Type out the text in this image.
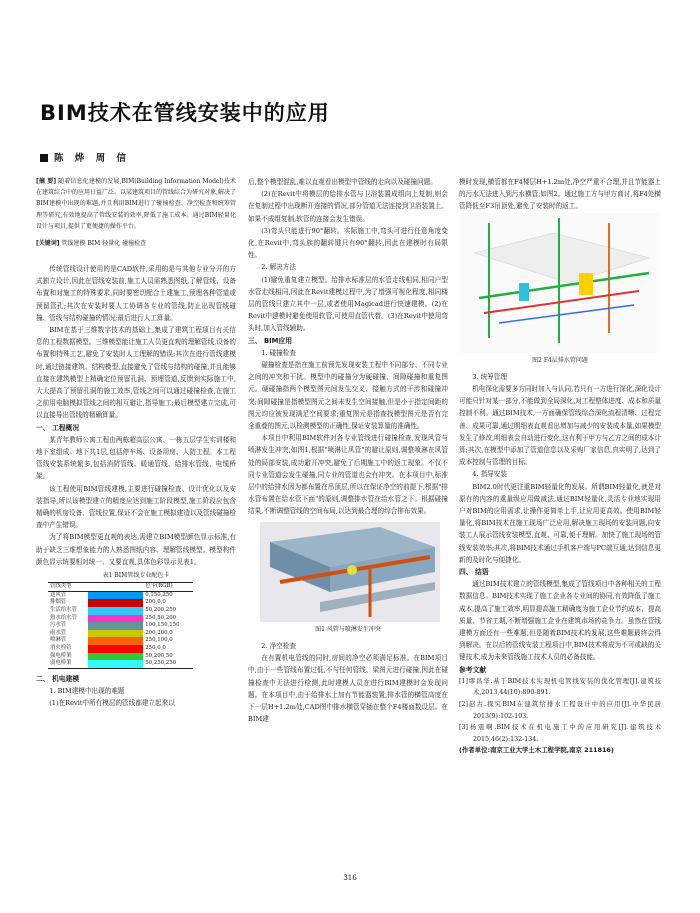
BIM技术在管线安装中的应用
陈 烨 周 信

[摘 要] 随着信息化建模的发展,BIM(Building Information Model)技术在建筑综合中的应用日益广泛。以某建筑项目的管线综合为研究对象,解决了BIM建模中出现的难题,并且利用BIM进行了碰撞检查、净空检查和统筹管理等研究,有效地提高了管线安装的效率,降低了施工成本。通过BIM轻量化设计与项目,提供了更便捷的操作平台。

[关键词] 管线建模 BIM 轻量化 碰撞检查

传统管线设计使用的是CAD软件,采用的是与其他专业分开的方式独立设计,因此在管线安装前,施工人员需熟悉图纸,了解管线、设备布置和对施工的特殊要求,同时要密切配合土建施工,预埋各种管道或预留管孔;其次在安装时要人工协调各专业的管线,防止出现管线碰撞、管线与结构碰撞的情况;最后进行人工算量。

BIM在基于三维数字技术的基础上,集成了建筑工程项目有关信息的工程数据模型。三维模型能让施工人员更直观的理解管线,设备的布置和特殊工艺,避免了安装时人工理解的错误;其次在进行管线建模时,通过链接建筑、结构模型,直接避免了管线与结构的碰撞,并且能够直接在建筑模型上精确定位预留孔洞、预埋管道,反馈到实际施工中,大大提高了预留孔洞的施工效率,管线之间可以通过碰撞检查,在施工之前用电脑模拟管线之间的相互避让,指导施工;最后模型建立完成,可以直接导出管线的精确算量。

一、 工程概况

某青年教师公寓工程由两栋超高层公寓、一栋五层学生实训楼和地下室组成。地下共1层,包括停车场、设备用房、人防工程。本工程管线安装系统繁多,包括消防管线、暖通管线、给排水管线、电缆桥架。

该工程使用BIM管线建模,主要进行碰撞检查、设计优化以及安装指导,所以该模型建立的精度应达到施工阶段模型,施工阶段应包含精确的机房设备、管线位置,保证不会在施工模拟建造以及管线碰撞检查中产生错误。

为了将BIM模型更直观的表达,需建立BIM模型颜色显示标准,有助于缺乏三维想象能力的人熟悉图纸内容、理解管线模型。模型构件颜色显示统要相对统一、又要直观,具体色彩显示见表1。

表1 BIM管线专业配色卡

管线类型		色卡(RGB)
送风管		0,150,250
排烟管		200,0,0
生活给水管		50,200,250
热水给水管		250,50,200
污水管		100,150,150
雨水管		200,200,0
喷淋管		250,100,0
消火栓管		250,0,0
强电桥架		50,200,50
弱电桥架		50,250,250

二、 机电建模

1. BIM建模中出现的难题

(1)在Revit中所有模层的管线都建立起来以

后,整个模型混乱,难以直观看出模型中管线的走向以及碰撞问题。

(2)在Revit中将模层的给排水管与卫浴装置成组向上复制,则会在复制过程中出现断开连接的情况,部分管道无法连接到卫浴装置上。如果不成组复制,软管的连接会发生错误。

(3)弯头只能进行90°翻转。实际施工中,弯头可进行任意角度变化,在Revit中,弯头族的翻转键只有90°翻转,因此在建模时有局限性。

2. 解决方法

(1)避免重复建立模型。给排水标准层的水管走线相同,相同户型水管走线相同,因此在Revit建模过程中,为了增强可视化程度,相同楼层的管线只建立其中一层,或者使用Magicad进行快速建模。(2)在Revit中建模时避免使用软管,可使用直管代替。(3)在Revit中使用弯头时,加入管线辅助。

三、 BIM应用

1. 碰撞检查

碰撞检查是指在施工前预先发现安装工程中不同部分、不同专业之间的冲突和干扰。模型中的碰撞分为硬碰撞、间隙碰撞和重复图元。硬碰撞指两个模型图元间发生交叉、接触方式的干涉和碰撞冲突;间隙碰撞是指模型图元之间未发生空间接触,但是小于指定间距的图元均应被发现满足空间要求;重复图元是指查找模型图元是否有完全重叠的图元,以检测模型的正确性,保证安装算量的准确性。

本项目中利用BIM软件对各专业管线进行碰撞检查,发现风管与喷淋发生冲突,如图1,根据"喷淋让风管"的避让原则,调整喷淋在风管处的局部安装,成功避开冲突,避免了后期施工中的返工现象。不仅不同专业管道会发生碰撞,同专业的管道也会有冲突。在本项目中,标准层中的给排水因为都布置在吊顶层,所以在保证净空的前提下,根据"排水管布置在给水管下面"的原则,调整排水管在给水管之下。根据碰撞结果,不断调整管线的空间布局,以达到最合理的综合排布效果。

图1 风管与喷淋发生冲突

2. 净空检查

在有置机电管线的同时,房间的净空必须满足标准。在BIM项目中,由于一些管线布置过低,不与任何管线、梁图元进行碰撞,因此在碰撞检查中无法进行检测,此时建模人员在进行BIM建模时会发现问题。在本项目中,由于给排水上加有节能器装置,排水管的横管高度在下一层H+1.2m处,CAD图中排水横管穿插在整个F4楼面数设层。在BIM建

模时发现,横管都在F4楼层H+1.2m处,净空严重不合理,并且节能器上的污水无法进入到污水横管,如图2。通过施工方与甲方商讨,将F4处横管降低至F3吊顶处,避免了安装时的返工。

图2 F4层排水管问题

3. 统筹管理

机电深化需要多方同时加入与认同,若只有一方进行深化,深化设计可能只针对某一部分,不能做到全局深化,对工程整体进度、成本和质量控制不利。通过BIM技术,一方面确保管线综合深化流程清晰、过程完善、成果可靠,通过明细表直观看出增加与减少的安装成本量,如果模型发生了修改,明细表会自动进行变化,这有利于甲方与乙方之间的成本计算;其次,在模型中添加了管道信息以及采购厂家信息,真实明了,达到了成本控制与管理的目标。

4. 指导安装

BIM2.0时代更注重BIM轻量化的发展。所谓BIM轻量化,就是对原有的内容的重量级应用做减法,通过BIM轻量化,灵活专业地实现用户对BIM的应用需求,让操作更简单上手,让应用更高效。使用BIM轻量化,将BIM技术在施工现场广泛应用,解决施工现场的安装问题,向安装工人展示管线安装模型,直观、可靠,便于理解。加快了施工现场的管线安装效率;其次,将BIM技术通过手机客户端与PC端互通,达到信息更新的及时化与便捷化。

四、 结语

通过BIM技术建立的管线模型,集成了管线项目中各种相关的工程数据信息。BIM技术实现了施工企业各专业间的协同,有效降低了施工成本,提高了施工效率,明显提高施工精确度为施工企业节约成本、提高质量、节省工期,不断增强施工企业在建筑市场的竞争力。虽然在管线建模方面还有一些难题,但是随着BIM技术的发展,这些难题最终会得到解决。在以后的管线安装工程项目中,BIM技术将成为不可或缺的关键技术,成为未来管线施工技术人员的必备技能。

参考文献

[1]缪昌华.基于BIM技术实现机电管线安装的优化管理[J].建筑技术,2013,44(10):890-891.

[2]赵古.探究BIM在建筑给排水工程设计中的应用[J].中华民居 2013(9):102-103.

[3]杨震啊.BIM技术在机电施工中的应用研究[J].建筑技术 2015,46(2):132-134.

(作者单位:南京工业大学土木工程学院,南京 211816)

316
